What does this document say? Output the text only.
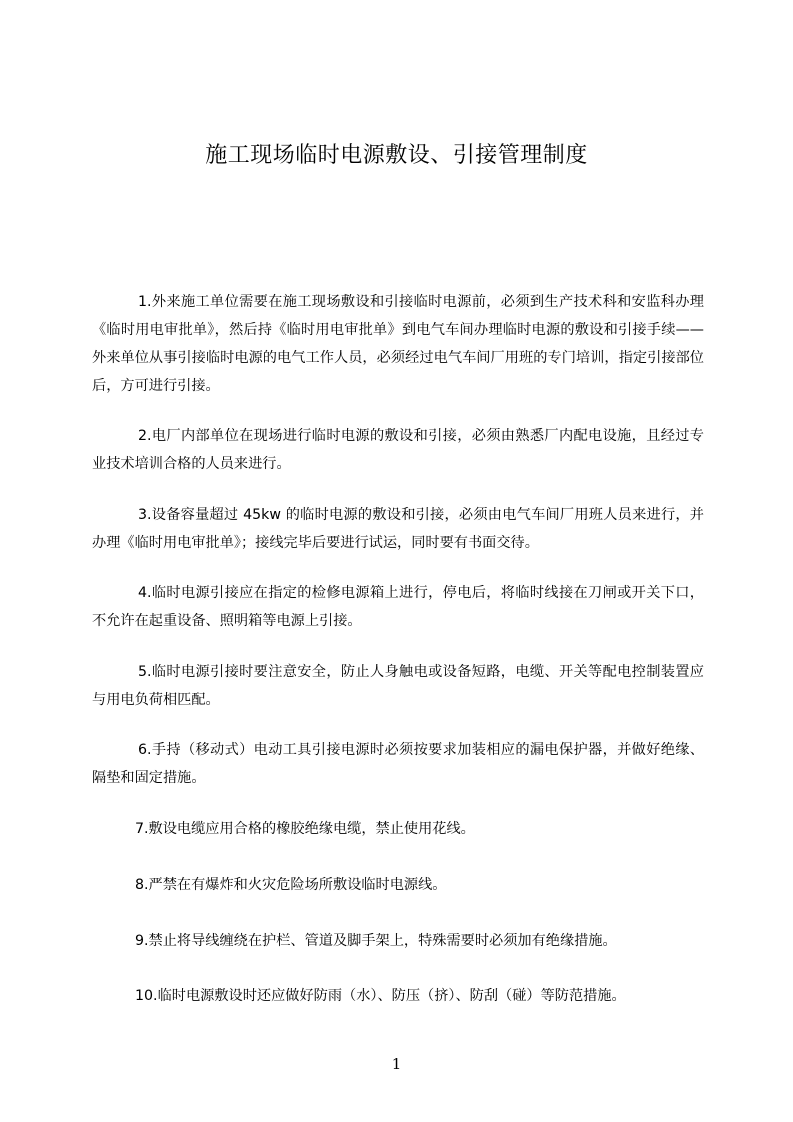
施工现场临时电源敷设、引接管理制度

1.外来施工单位需要在施工现场敷设和引接临时电源前，必须到生产技术科和安监科办理《临时用电审批单》，然后持《临时用电审批单》到电气车间办理临时电源的敷设和引接手续——外来单位从事引接临时电源的电气工作人员，必须经过电气车间厂用班的专门培训，指定引接部位后，方可进行引接。

2.电厂内部单位在现场进行临时电源的敷设和引接，必须由熟悉厂内配电设施，且经过专业技术培训合格的人员来进行。

3.设备容量超过 45kw 的临时电源的敷设和引接，必须由电气车间厂用班人员来进行，并办理《临时用电审批单》；接线完毕后要进行试运，同时要有书面交待。

4.临时电源引接应在指定的检修电源箱上进行，停电后，将临时线接在刀闸或开关下口，不允许在起重设备、照明箱等电源上引接。

5.临时电源引接时要注意安全，防止人身触电或设备短路，电缆、开关等配电控制装置应与用电负荷相匹配。

6.手持（移动式）电动工具引接电源时必须按要求加装相应的漏电保护器，并做好绝缘、隔垫和固定措施。

7.敷设电缆应用合格的橡胶绝缘电缆，禁止使用花线。

8.严禁在有爆炸和火灾危险场所敷设临时电源线。

9.禁止将导线缠绕在护栏、管道及脚手架上，特殊需要时必须加有绝缘措施。

10.临时电源敷设时还应做好防雨（水）、防压（挤）、防刮（碰）等防范措施。

1
